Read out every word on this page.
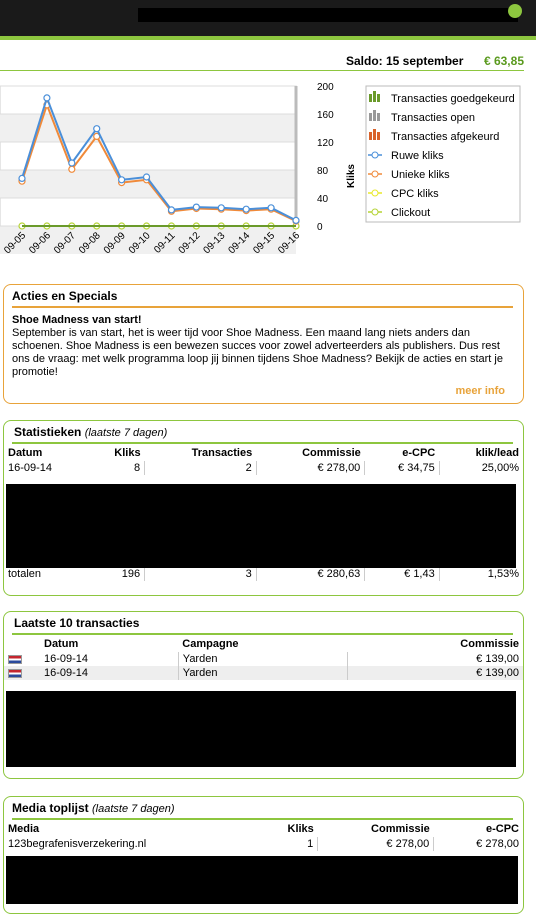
Saldo: 15 september € 63,85
200
160
120
80
40
0
Kliks
09-05 09-06 09-07 09-08 09-09 09-10 09-11 09-12 09-13 09-14 09-15 09-16
Transacties goedgekeurd
Transacties open
Transacties afgekeurd
Ruwe kliks
Unieke kliks
CPC kliks
Clickout
Acties en Specials
Shoe Madness van start!
September is van start, het is weer tijd voor Shoe Madness. Een maand lang niets anders dan schoenen. Shoe Madness is een bewezen succes voor zowel adverteerders als publishers. Dus rest ons de vraag: met welk programma loop jij binnen tijdens Shoe Madness? Bekijk de acties en start je promotie!
meer info
Statistieken (laatste 7 dagen)
Datum	Kliks	Transacties	Commissie	e-CPC	klik/lead
16-09-14	8	2	€ 278,00	€ 34,75	25,00%

totalen	196	3	€ 280,63	€ 1,43	1,53%
Laatste 10 transacties
	Datum	Campagne	Commissie
	16-09-14	Yarden	€ 139,00
	16-09-14	Yarden	€ 139,00
Media toplijst (laatste 7 dagen)
Media	Kliks	Commissie	e-CPC
123begrafenisverzekering.nl	1	€ 278,00	€ 278,00
